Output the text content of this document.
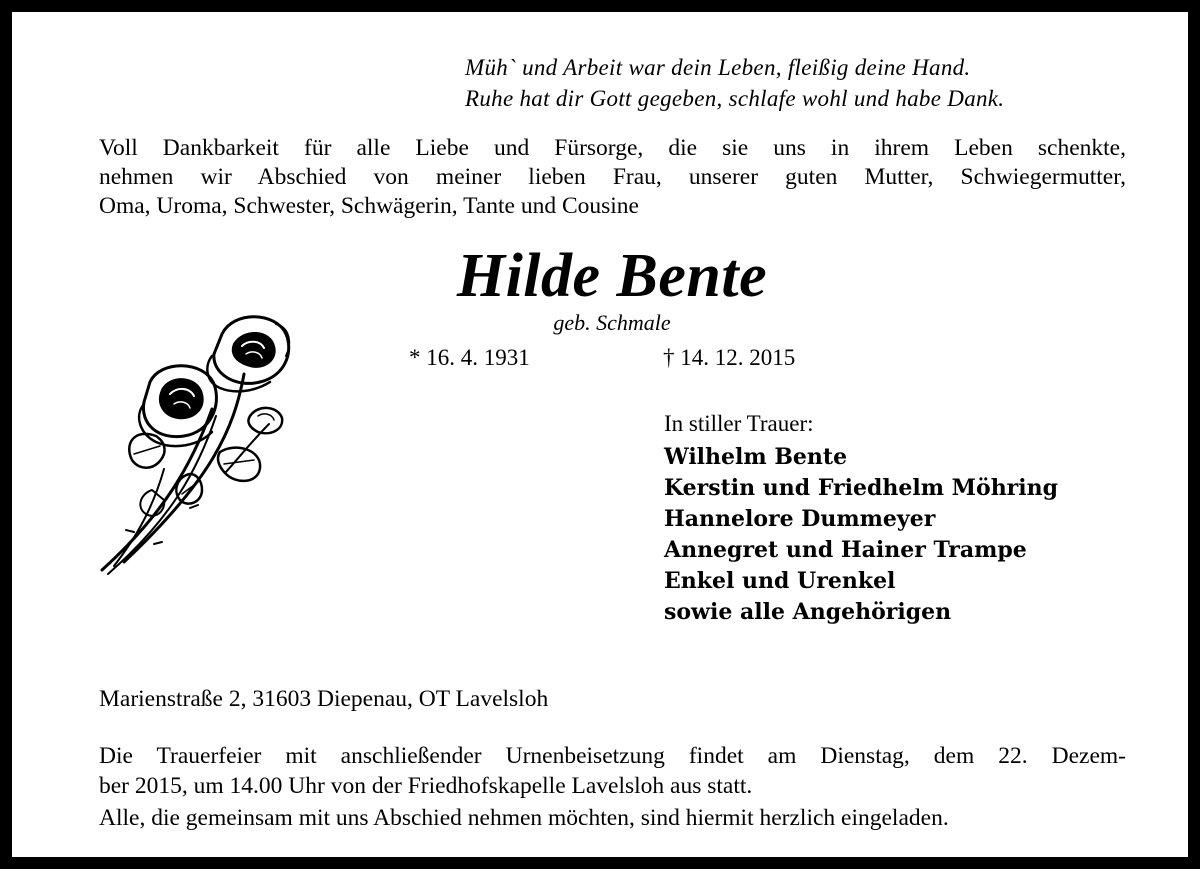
Müh` und Arbeit war dein Leben, fleißig deine Hand.
Ruhe hat dir Gott gegeben, schlafe wohl und habe Dank.
Voll Dankbarkeit für alle Liebe und Fürsorge, die sie uns in ihrem Leben schenkte,
nehmen wir Abschied von meiner lieben Frau, unserer guten Mutter, Schwiegermutter,
Oma, Uroma, Schwester, Schwägerin, Tante und Cousine
Hilde Bente
geb. Schmale
* 16. 4. 1931	† 14. 12. 2015
In stiller Trauer:
Wilhelm Bente
Kerstin und Friedhelm Möhring
Hannelore Dummeyer
Annegret und Hainer Trampe
Enkel und Urenkel
sowie alle Angehörigen
Marienstraße 2, 31603 Diepenau, OT Lavelsloh
Die Trauerfeier mit anschließender Urnenbeisetzung findet am Dienstag, dem 22. Dezem-
ber 2015, um 14.00 Uhr von der Friedhofskapelle Lavelsloh aus statt.
Alle, die gemeinsam mit uns Abschied nehmen möchten, sind hiermit herzlich eingeladen.
